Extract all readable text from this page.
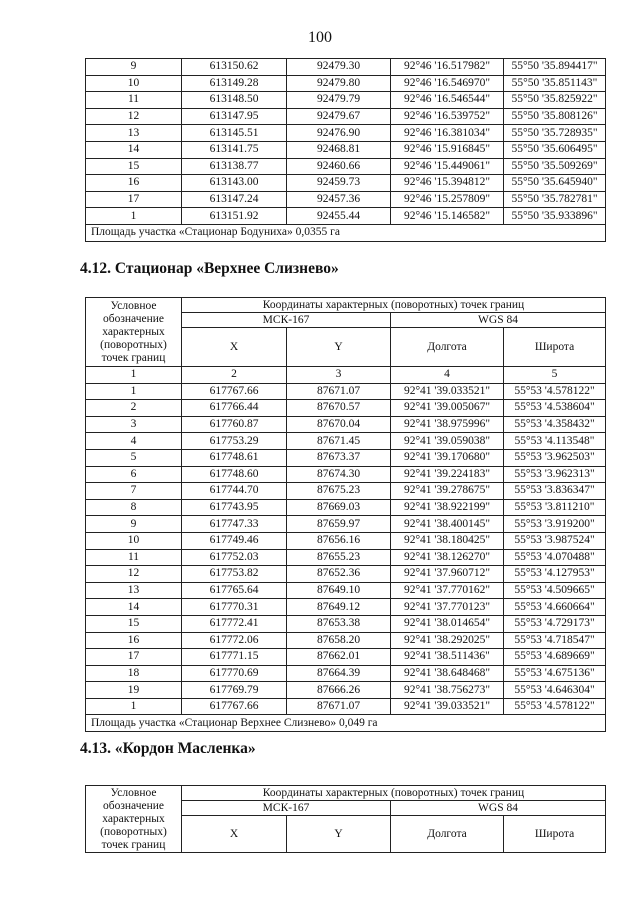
100
9	613150.62	92479.30	92°46 '16.517982"	55°50 '35.894417"
10	613149.28	92479.80	92°46 '16.546970"	55°50 '35.851143"
11	613148.50	92479.79	92°46 '16.546544"	55°50 '35.825922"
12	613147.95	92479.67	92°46 '16.539752"	55°50 '35.808126"
13	613145.51	92476.90	92°46 '16.381034"	55°50 '35.728935"
14	613141.75	92468.81	92°46 '15.916845"	55°50 '35.606495"
15	613138.77	92460.66	92°46 '15.449061"	55°50 '35.509269"
16	613143.00	92459.73	92°46 '15.394812"	55°50 '35.645940"
17	613147.24	92457.36	92°46 '15.257809"	55°50 '35.782781"
1	613151.92	92455.44	92°46 '15.146582"	55°50 '35.933896"
Площадь участка «Стационар Бодуниха» 0,0355 га				
4.12. Стационар «Верхнее Слизнево»
Условное обозначение характерных (поворотных) точек границ	Координаты характерных (поворотных) точек границ			
	МСК-167		WGS 84	
	X	Y	Долгота	Широта
1	2	3	4	5
1	617767.66	87671.07	92°41 '39.033521"	55°53 '4.578122"
2	617766.44	87670.57	92°41 '39.005067"	55°53 '4.538604"
3	617760.87	87670.04	92°41 '38.975996"	55°53 '4.358432"
4	617753.29	87671.45	92°41 '39.059038"	55°53 '4.113548"
5	617748.61	87673.37	92°41 '39.170680"	55°53 '3.962503"
6	617748.60	87674.30	92°41 '39.224183"	55°53 '3.962313"
7	617744.70	87675.23	92°41 '39.278675"	55°53 '3.836347"
8	617743.95	87669.03	92°41 '38.922199"	55°53 '3.811210"
9	617747.33	87659.97	92°41 '38.400145"	55°53 '3.919200"
10	617749.46	87656.16	92°41 '38.180425"	55°53 '3.987524"
11	617752.03	87655.23	92°41 '38.126270"	55°53 '4.070488"
12	617753.82	87652.36	92°41 '37.960712"	55°53 '4.127953"
13	617765.64	87649.10	92°41 '37.770162"	55°53 '4.509665"
14	617770.31	87649.12	92°41 '37.770123"	55°53 '4.660664"
15	617772.41	87653.38	92°41 '38.014654"	55°53 '4.729173"
16	617772.06	87658.20	92°41 '38.292025"	55°53 '4.718547"
17	617771.15	87662.01	92°41 '38.511436"	55°53 '4.689669"
18	617770.69	87664.39	92°41 '38.648468"	55°53 '4.675136"
19	617769.79	87666.26	92°41 '38.756273"	55°53 '4.646304"
1	617767.66	87671.07	92°41 '39.033521"	55°53 '4.578122"
Площадь участка «Стационар Верхнее Слизнево» 0,049 га				
4.13. «Кордон Масленка»
Условное обозначение характерных (поворотных) точек границ	Координаты характерных (поворотных) точек границ			
	МСК-167		WGS 84	
	X	Y	Долгота	Широта
